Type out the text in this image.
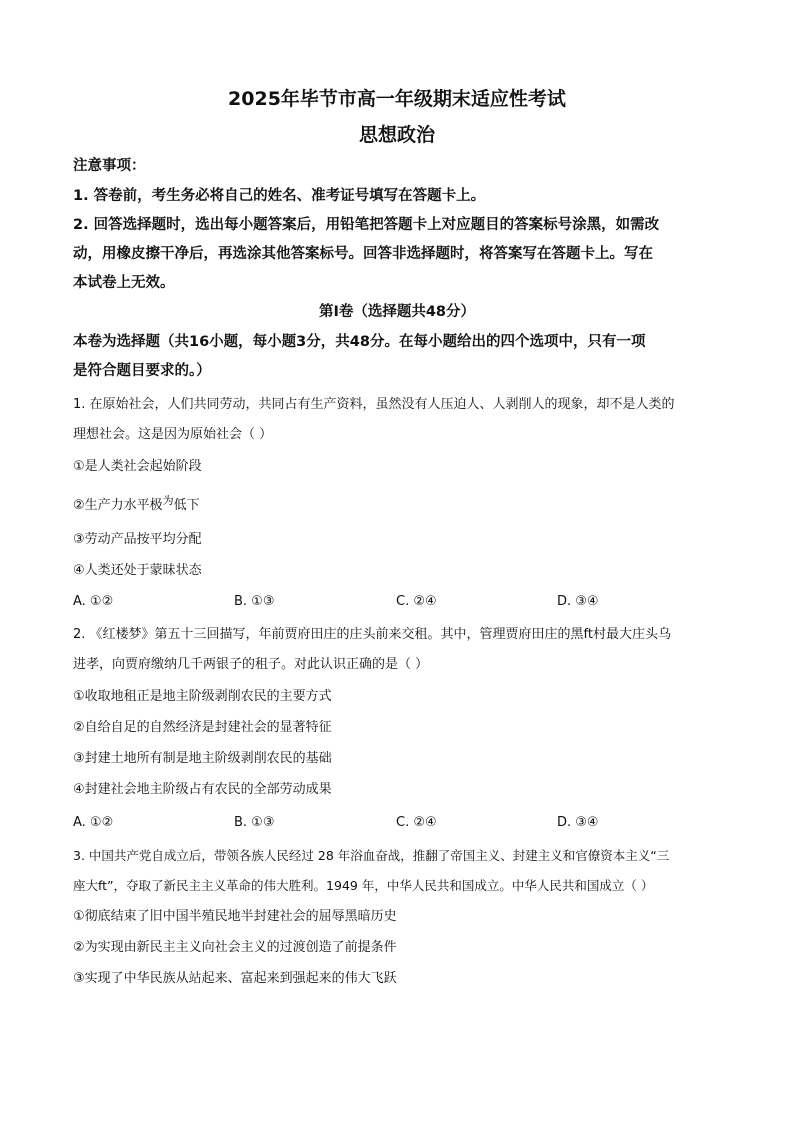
2025年毕节市高一年级期末适应性考试
思想政治
注意事项：
1. 答卷前，考生务必将自己的姓名、准考证号填写在答题卡上。
2. 回答选择题时，选出每小题答案后，用铅笔把答题卡上对应题目的答案标号涂黑，如需改
动，用橡皮擦干净后，再选涂其他答案标号。回答非选择题时，将答案写在答题卡上。写在
本试卷上无效。
第Ⅰ卷（选择题共48分）
本卷为选择题（共16小题，每小题3分，共48分。在每小题给出的四个选项中，只有一项
是符合题目要求的。）
1. 在原始社会，人们共同劳动，共同占有生产资料，虽然没有人压迫人、人剥削人的现象，却不是人类的
理想社会。这是因为原始社会（ ）
①是人类社会起始阶段
②生产力水平极$^为$低下
③劳动产品按平均分配
④人类还处于蒙昧状态
A. ①②	B. ①③	C. ②④	D. ③④
2. 《红楼梦》第五十三回描写，年前贾府田庄的庄头前来交租。其中，管理贾府田庄的黑ft村最大庄头乌
进孝，向贾府缴纳几千两银子的租子。对此认识正确的是（ ）
①收取地租正是地主阶级剥削农民的主要方式
②自给自足的自然经济是封建社会的显著特征
③封建土地所有制是地主阶级剥削农民的基础
④封建社会地主阶级占有农民的全部劳动成果
A. ①②	B. ①③	C. ②④	D. ③④
3. 中国共产党自成立后，带领各族人民经过 28 年浴血奋战，推翻了帝国主义、封建主义和官僚资本主义“三
座大ft”，夺取了新民主主义革命的伟大胜利。1949 年，中华人民共和国成立。中华人民共和国成立（ ）
①彻底结束了旧中国半殖民地半封建社会的屈辱黑暗历史
②为实现由新民主主义向社会主义的过渡创造了前提条件
③实现了中华民族从站起来、富起来到强起来的伟大飞跃
